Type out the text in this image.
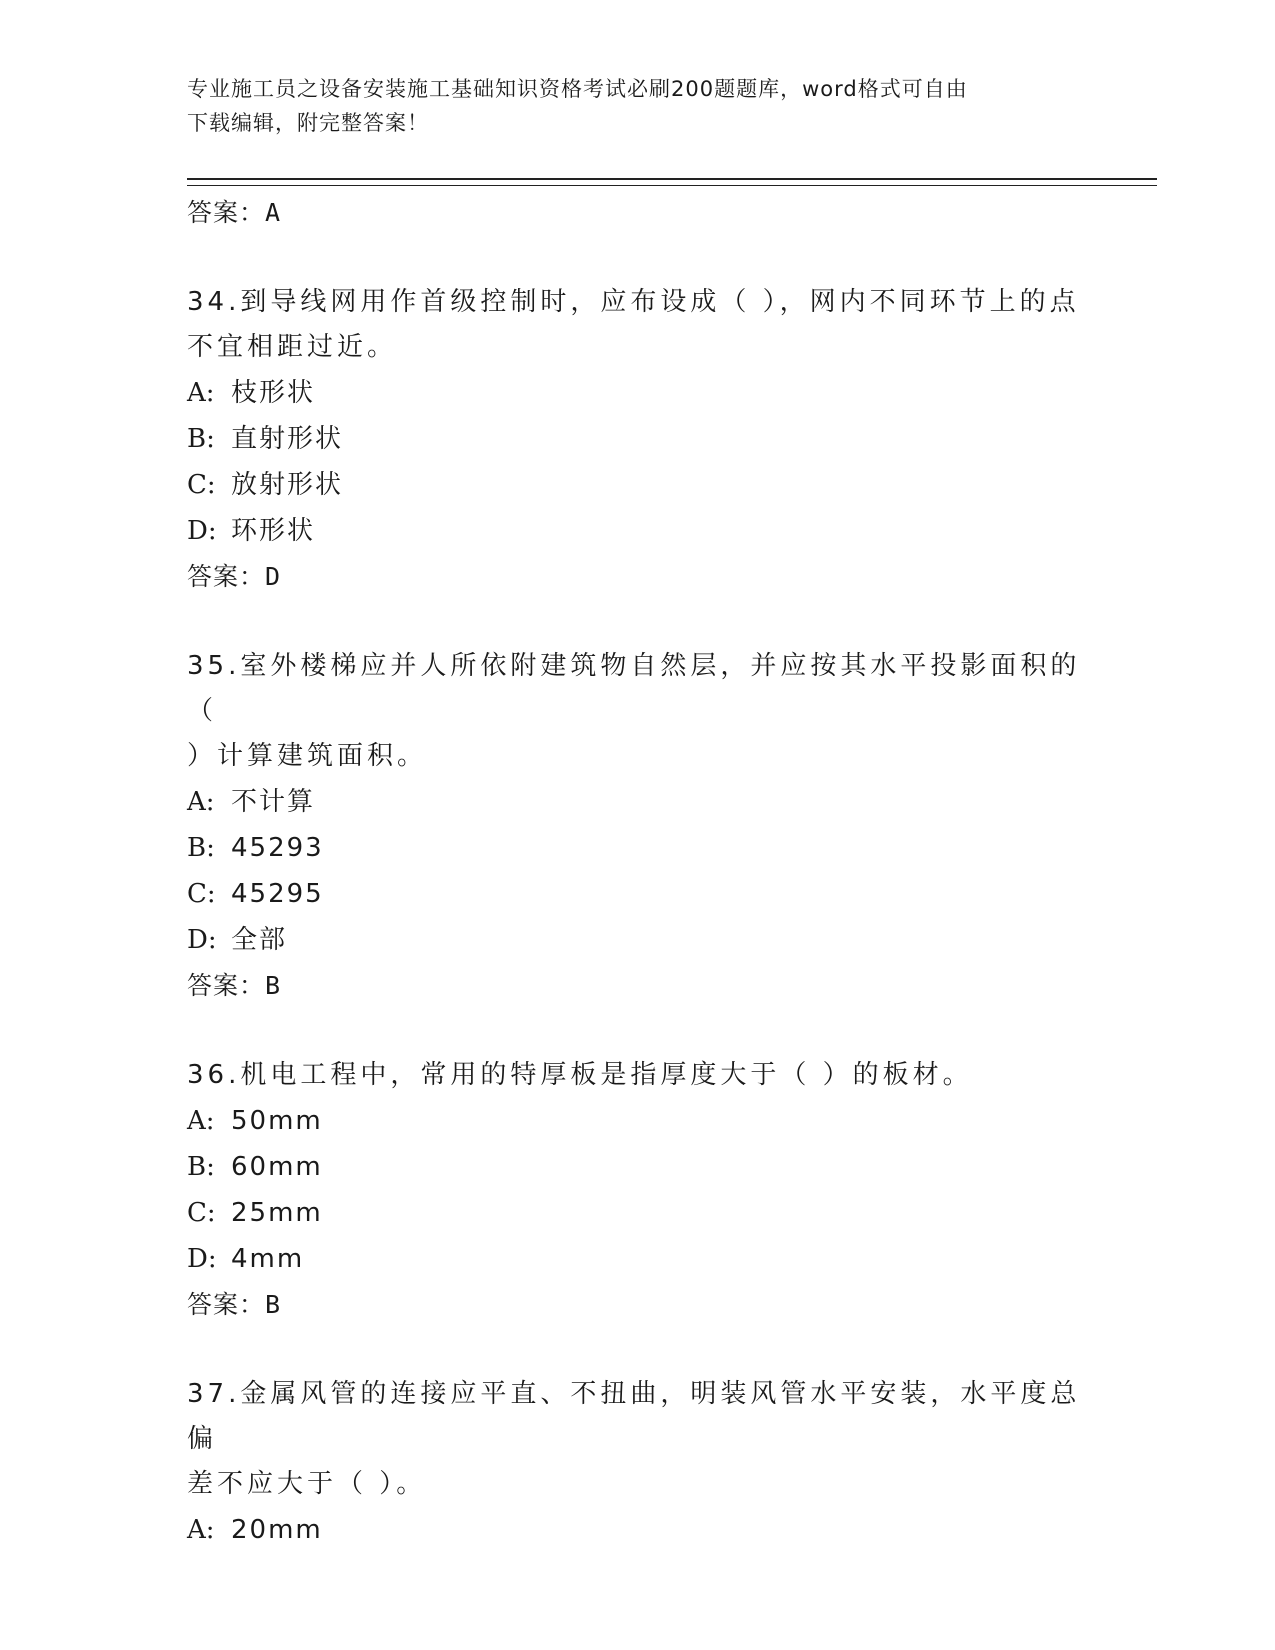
专业施工员之设备安装施工基础知识资格考试必刷200题题库，word格式可自由
下载编辑，附完整答案！
答案：A
34.到导线网用作首级控制时，应布设成（ ），网内不同环节上的点
不宜相距过近。
A: 枝形状
B: 直射形状
C: 放射形状
D: 环形状
答案：D
35.室外楼梯应并人所依附建筑物自然层，并应按其水平投影面积的（
）计算建筑面积。
A: 不计算
B: 45293
C: 45295
D: 全部
答案：B
36.机电工程中，常用的特厚板是指厚度大于（ ）的板材。
A: 50mm
B: 60mm
C: 25mm
D: 4mm
答案：B
37.金属风管的连接应平直、不扭曲，明装风管水平安装，水平度总偏
差不应大于（ ）。
A: 20mm
